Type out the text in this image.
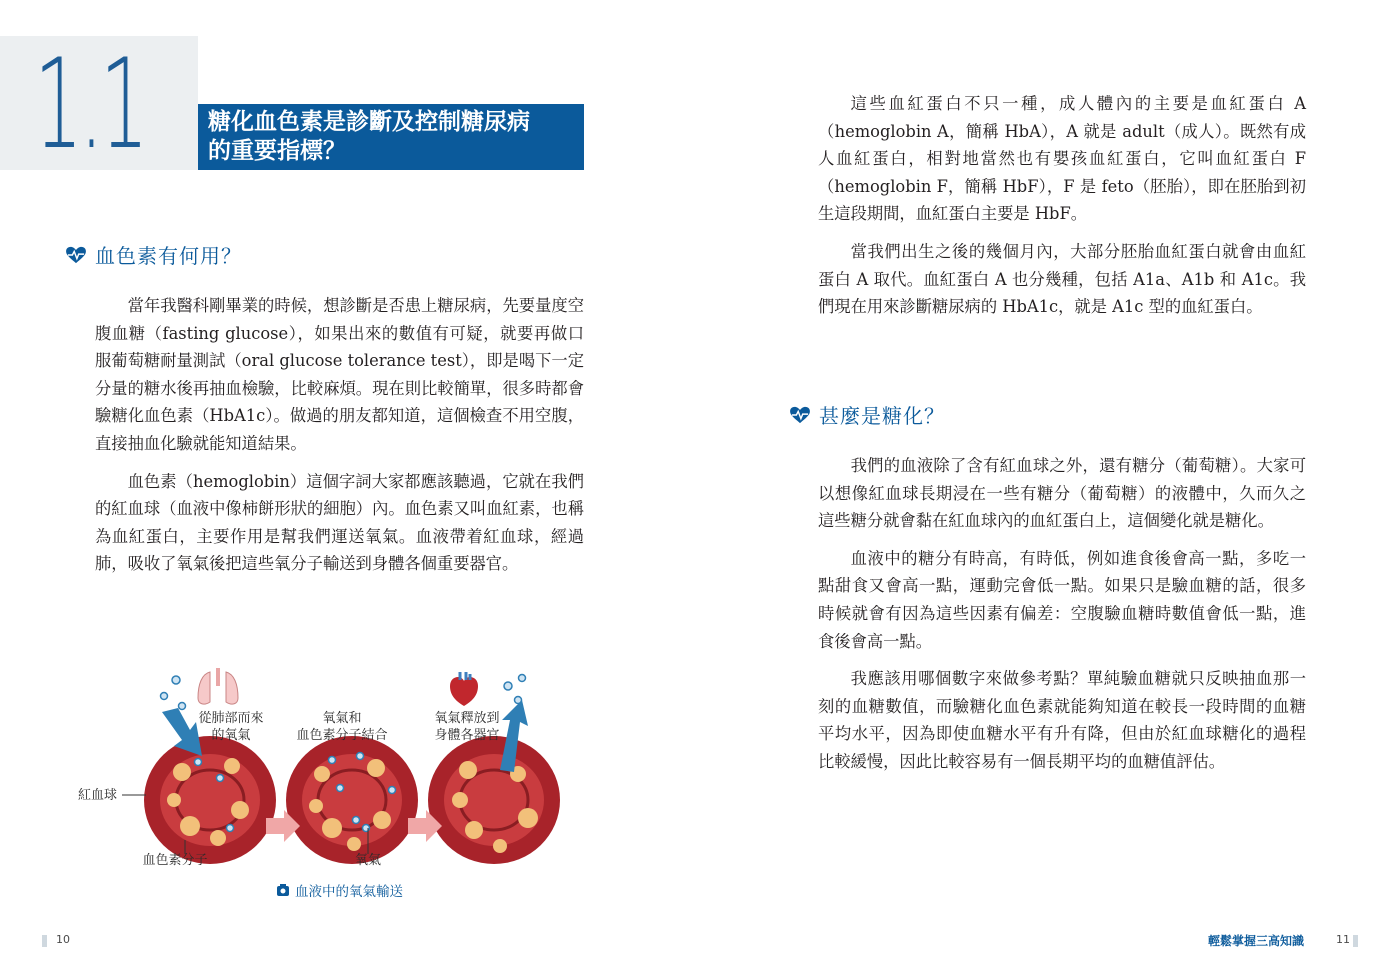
1.1	糖化血色素是診斷及控制糖尿病
的重要指標？
血色素有何用？

當年我醫科剛畢業的時候，想診斷是否患上糖尿病，先要量度空腹血糖（fasting glucose），如果出來的數值有可疑，就要再做口服葡萄糖耐量測試（oral glucose tolerance test），即是喝下一定分量的糖水後再抽血檢驗，比較麻煩。現在則比較簡單，很多時都會驗糖化血色素（HbA1c）。做過的朋友都知道，這個檢查不用空腹，直接抽血化驗就能知道結果。

血色素（hemoglobin）這個字詞大家都應該聽過，它就在我們的紅血球（血液中像柿餅形狀的細胞）內。血色素又叫血紅素，也稱為血紅蛋白，主要作用是幫我們運送氧氣。血液帶着紅血球，經過肺，吸收了氧氣後把這些氧分子輸送到身體各個重要器官。

從肺部而來
的氧氣
氧氣和
血色素分子結合
氧氣釋放到
身體各器官
紅血球
血色素分子	氧氣
血液中的氧氣輸送
10

這些血紅蛋白不只一種，成人體內的主要是血紅蛋白 A（hemoglobin A，簡稱 HbA），A 就是 adult（成人）。既然有成人血紅蛋白，相對地當然也有嬰孩血紅蛋白，它叫血紅蛋白 F（hemoglobin F，簡稱 HbF），F 是 feto（胚胎），即在胚胎到初生這段期間，血紅蛋白主要是 HbF。

當我們出生之後的幾個月內，大部分胚胎血紅蛋白就會由血紅蛋白 A 取代。血紅蛋白 A 也分幾種，包括 A1a、A1b 和 A1c。我們現在用來診斷糖尿病的 HbA1c，就是 A1c 型的血紅蛋白。

甚麼是糖化？

我們的血液除了含有紅血球之外，還有糖分（葡萄糖）。大家可以想像紅血球長期浸在一些有糖分（葡萄糖）的液體中，久而久之這些糖分就會黏在紅血球內的血紅蛋白上，這個變化就是糖化。

血液中的糖分有時高，有時低，例如進食後會高一點，多吃一點甜食又會高一點，運動完會低一點。如果只是驗血糖的話，很多時候就會有因為這些因素有偏差：空腹驗血糖時數值會低一點，進食後會高一點。

我應該用哪個數字來做參考點？單純驗血糖就只反映抽血那一刻的血糖數值，而驗糖化血色素就能夠知道在較長一段時間的血糖平均水平，因為即使血糖水平有升有降，但由於紅血球糖化的過程比較緩慢，因此比較容易有一個長期平均的血糖值評估。

輕鬆掌握三高知識	11
